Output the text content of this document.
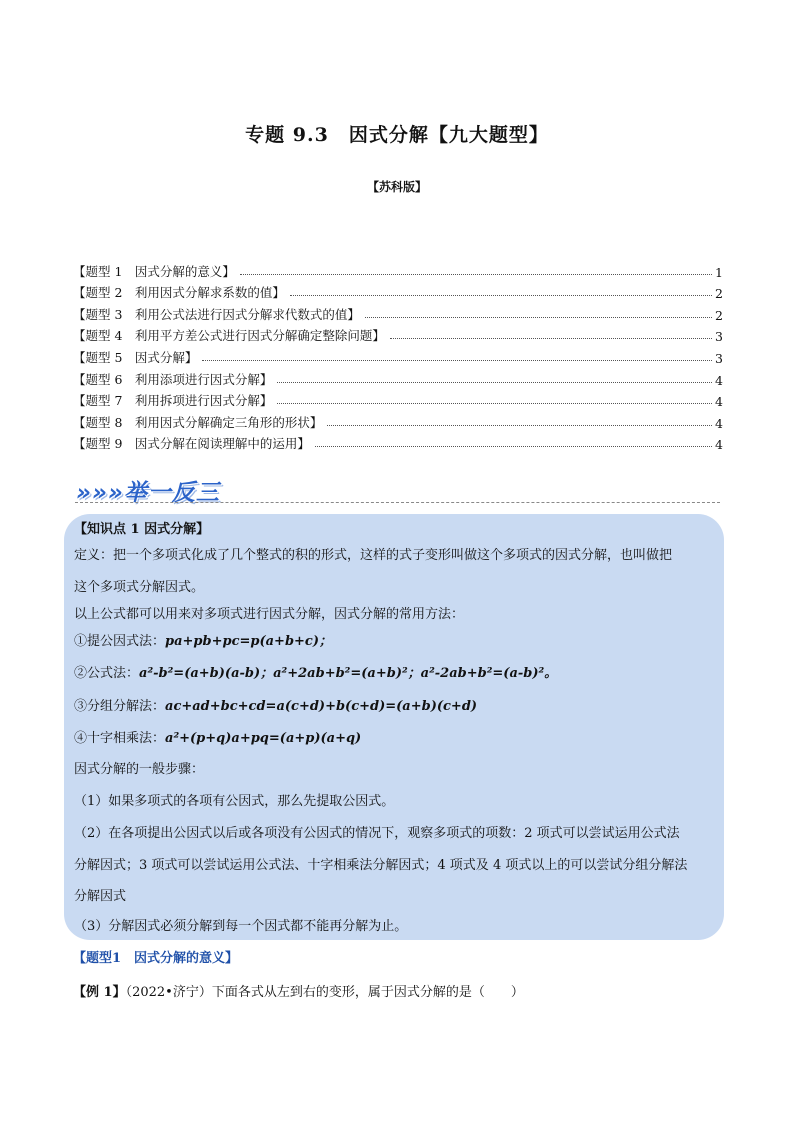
专题 9.3　因式分解【九大题型】
【苏科版】
【题型 1　因式分解的意义】	1
【题型 2　利用因式分解求系数的值】	2
【题型 3　利用公式法进行因式分解求代数式的值】	2
【题型 4　利用平方差公式进行因式分解确定整除问题】	3
【题型 5　因式分解】	3
【题型 6　利用添项进行因式分解】	4
【题型 7　利用拆项进行因式分解】	4
【题型 8　利用因式分解确定三角形的形状】	4
【题型 9　因式分解在阅读理解中的运用】	4
»»»举一反三
【知识点 1 因式分解】
定义：把一个多项式化成了几个整式的积的形式，这样的式子变形叫做这个多项式的因式分解，也叫做把
这个多项式分解因式。
以上公式都可以用来对多项式进行因式分解，因式分解的常用方法：
①提公因式法：pa+pb+pc=p(a+b+c)；
②公式法：a²-b²=(a+b)(a-b)；a²+2ab+b²=(a+b)²；a²-2ab+b²=(a-b)²。
③分组分解法：ac+ad+bc+cd=a(c+d)+b(c+d)=(a+b)(c+d)
④十字相乘法：a²+(p+q)a+pq=(a+p)(a+q)
因式分解的一般步骤：
（1）如果多项式的各项有公因式，那么先提取公因式。
（2）在各项提出公因式以后或各项没有公因式的情况下，观察多项式的项数：2 项式可以尝试运用公式法
分解因式；3 项式可以尝试运用公式法、十字相乘法分解因式；4 项式及 4 项式以上的可以尝试分组分解法
分解因式
（3）分解因式必须分解到每一个因式都不能再分解为止。
【题型1　因式分解的意义】
【例 1】（2022•济宁）下面各式从左到右的变形，属于因式分解的是（　　）
